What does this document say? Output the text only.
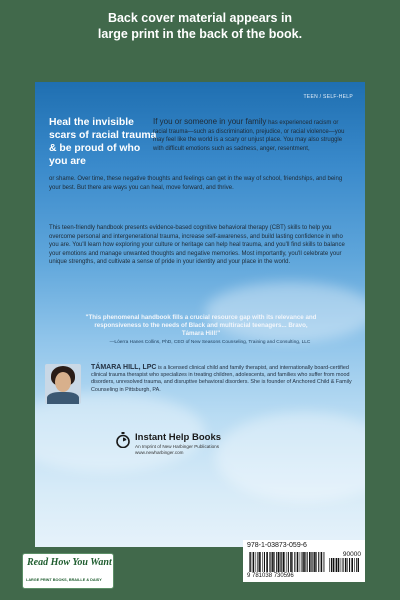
Back cover material appears in
large print in the back of the book.
TEEN / SELF-HELP
Heal the invisible scars of racial trauma & be proud of who you are
If you or someone in your family has experienced racism or racial trauma—such as discrimination, prejudice, or racial violence—you may feel like the world is a scary or unjust place. You may also struggle with difficult emotions such as sadness, anger, resentment,
or shame. Over time, these negative thoughts and feelings can get in the way of school, friendships, and being your best. But there are ways you can heal, move forward, and thrive.
This teen-friendly handbook presents evidence-based cognitive behavioral therapy (CBT) skills to help you overcome personal and intergenerational trauma, increase self-awareness, and build lasting confidence in who you are. You'll learn how exploring your culture or heritage can help heal trauma, and you'll find skills to balance your emotions and manage unwanted thoughts and negative memories. Most importantly, you'll celebrate your unique strengths, and cultivate a sense of pride in your identity and your place in the world.
"This phenomenal handbook fills a crucial resource gap with its relevance and responsiveness to the needs of Black and multiracial teenagers... Bravo, Támara Hill!"
—Lóerra Hanes Collins, PhD, CEO of New Seasons Counseling, Training and Consulting, LLC
TÁMARA HILL, LPC is a licensed clinical child and family therapist, and internationally board-certified clinical trauma therapist who specializes in treating children, adolescents, and families who suffer from mood disorders, unresolved trauma, and disruptive behavioral disorders. She is founder of Anchored Child & Family Counseling in Pittsburgh, PA.
Instant Help Books
An Imprint of New Harbinger Publications
www.newharbinger.com
Read How You Want
LARGE PRINT BOOKS, BRAILLE & DAISY
978-1-03873-059-6
90000
9 781038 730596
